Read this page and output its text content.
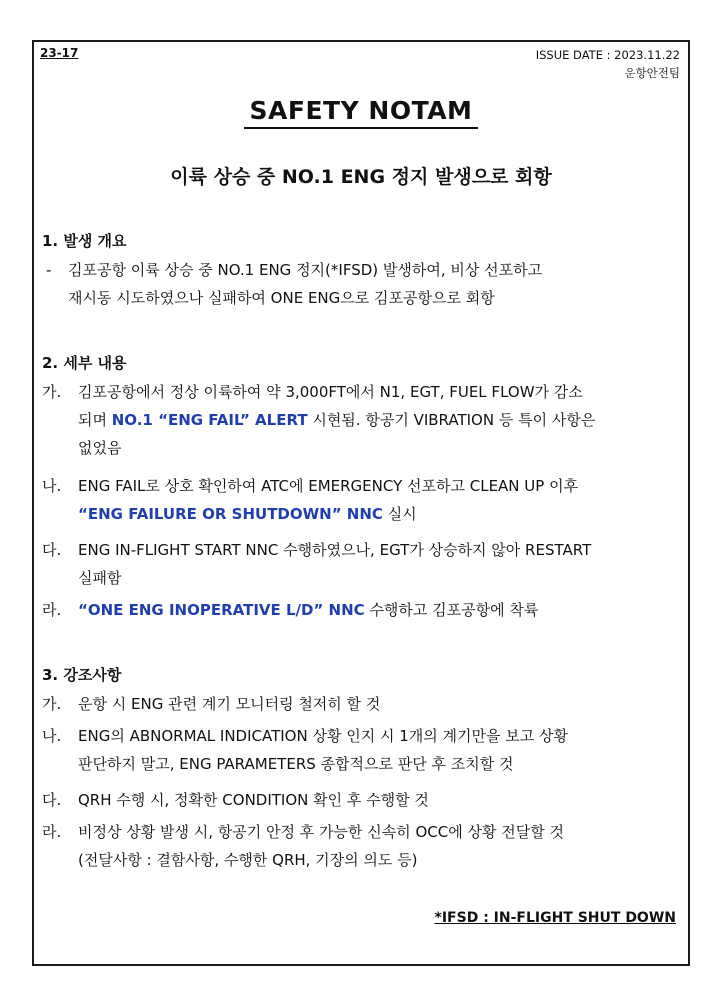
23-17	ISSUE DATE : 2023.11.22
운항안전팀
SAFETY NOTAM
이륙 상승 중 NO.1 ENG 정지 발생으로 회항
1. 발생 개요
- 김포공항 이륙 상승 중 NO.1 ENG 정지(*IFSD) 발생하여, 비상 선포하고
재시동 시도하였으나 실패하여 ONE ENG으로 김포공항으로 회항
2. 세부 내용
가. 김포공항에서 정상 이륙하여 약 3,000FT에서 N1, EGT, FUEL FLOW가 감소
되며 NO.1 “ENG FAIL” ALERT 시현됨. 항공기 VIBRATION 등 특이 사항은
없었음
나. ENG FAIL로 상호 확인하여 ATC에 EMERGENCY 선포하고 CLEAN UP 이후
“ENG FAILURE OR SHUTDOWN” NNC 실시
다. ENG IN-FLIGHT START NNC 수행하였으나, EGT가 상승하지 않아 RESTART
실패함
라. “ONE ENG INOPERATIVE L/D” NNC 수행하고 김포공항에 착륙
3. 강조사항
가. 운항 시 ENG 관련 계기 모니터링 철저히 할 것
나. ENG의 ABNORMAL INDICATION 상황 인지 시 1개의 계기만을 보고 상황
판단하지 말고, ENG PARAMETERS 종합적으로 판단 후 조치할 것
다. QRH 수행 시, 정확한 CONDITION 확인 후 수행할 것
라. 비정상 상황 발생 시, 항공기 안정 후 가능한 신속히 OCC에 상황 전달할 것
(전달사항 : 결함사항, 수행한 QRH, 기장의 의도 등)
*IFSD : IN-FLIGHT SHUT DOWN
